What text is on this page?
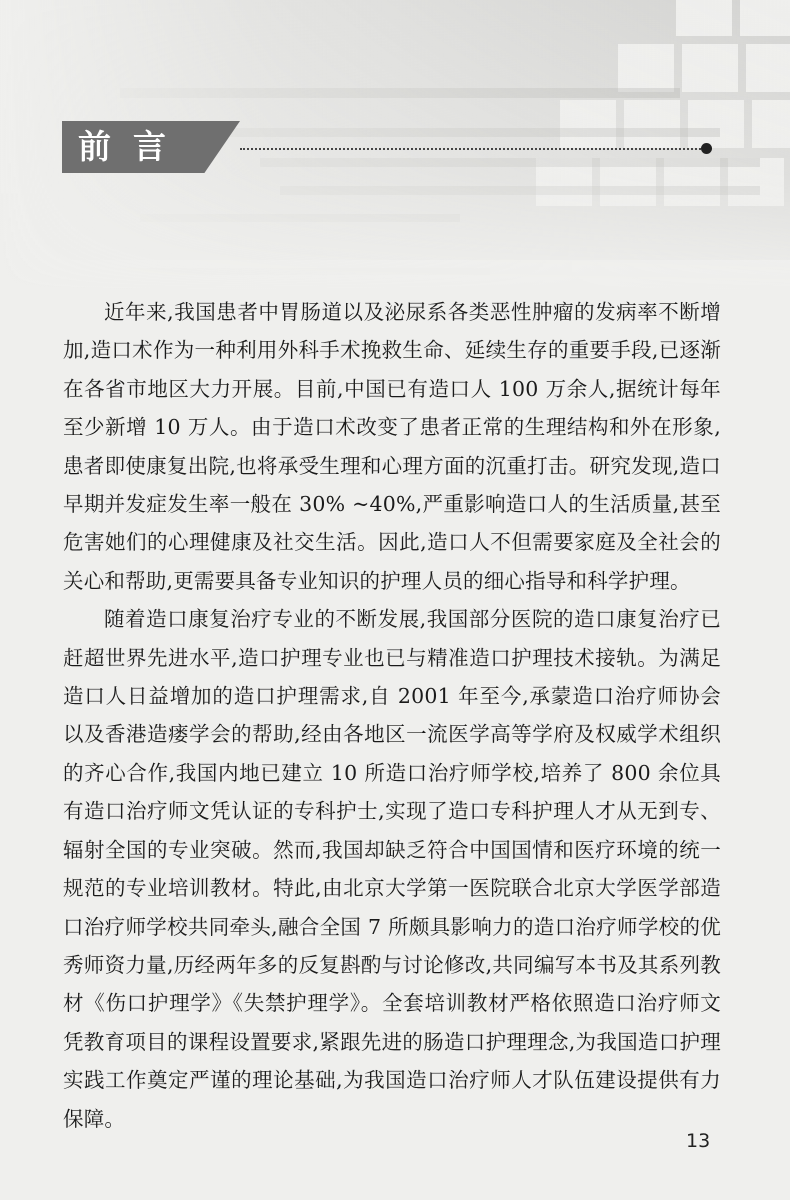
前言

近年来,我国患者中胃肠道以及泌尿系各类恶性肿瘤的发病率不断增加,造口术作为一种利用外科手术挽救生命、延续生存的重要手段,已逐渐在各省市地区大力开展。目前,中国已有造口人 100 万余人,据统计每年至少新增 10 万人。由于造口术改变了患者正常的生理结构和外在形象,患者即使康复出院,也将承受生理和心理方面的沉重打击。研究发现,造口早期并发症发生率一般在 30% ~40%,严重影响造口人的生活质量,甚至危害她们的心理健康及社交生活。因此,造口人不但需要家庭及全社会的关心和帮助,更需要具备专业知识的护理人员的细心指导和科学护理。

随着造口康复治疗专业的不断发展,我国部分医院的造口康复治疗已赶超世界先进水平,造口护理专业也已与精准造口护理技术接轨。为满足造口人日益增加的造口护理需求,自 2001 年至今,承蒙造口治疗师协会以及香港造瘘学会的帮助,经由各地区一流医学高等学府及权威学术组织的齐心合作,我国内地已建立 10 所造口治疗师学校,培养了 800 余位具有造口治疗师文凭认证的专科护士,实现了造口专科护理人才从无到专、辐射全国的专业突破。然而,我国却缺乏符合中国国情和医疗环境的统一规范的专业培训教材。特此,由北京大学第一医院联合北京大学医学部造口治疗师学校共同牵头,融合全国 7 所颇具影响力的造口治疗师学校的优秀师资力量,历经两年多的反复斟酌与讨论修改,共同编写本书及其系列教材《伤口护理学》《失禁护理学》。全套培训教材严格依照造口治疗师文凭教育项目的课程设置要求,紧跟先进的肠造口护理理念,为我国造口护理实践工作奠定严谨的理论基础,为我国造口治疗师人才队伍建设提供有力保障。

13
